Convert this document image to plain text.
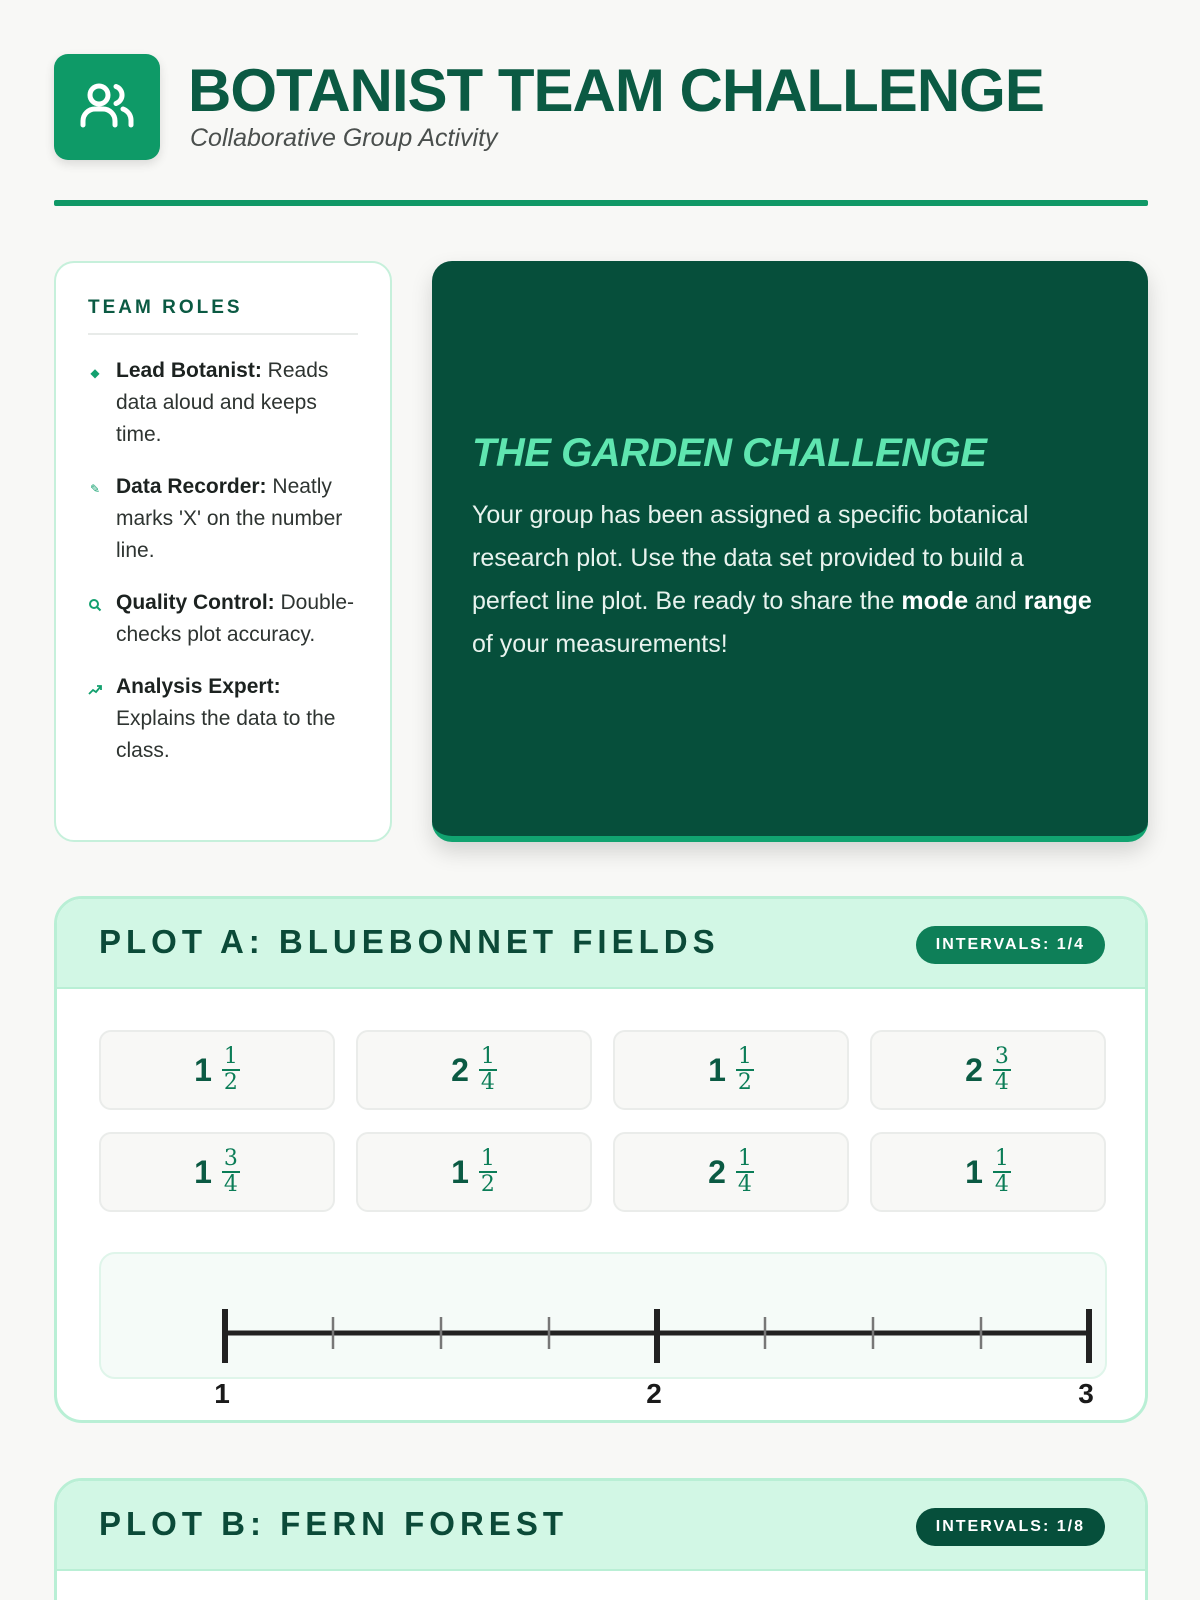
BOTANIST TEAM CHALLENGE
Collaborative Group Activity
TEAM ROLES
◆ Lead Botanist: Reads data aloud and keeps time.
✎ Data Recorder: Neatly marks 'X' on the number line.
Quality Control: Double-checks plot accuracy.
Analysis Expert: Explains the data to the class.
THE GARDEN CHALLENGE
Your group has been assigned a specific botanical research plot. Use the data set provided to build a perfect line plot. Be ready to share the mode and range of your measurements!
PLOT A: BLUEBONNET FIELDS	INTERVALS: 1/4
$1 \frac{1}{2}$	$2 \frac{1}{4}$	$1 \frac{1}{2}$	$2 \frac{3}{4}$
$1 \frac{3}{4}$	$1 \frac{1}{2}$	$2 \frac{1}{4}$	$1 \frac{1}{4}$
1	2	3
PLOT B: FERN FOREST	INTERVALS: 1/8
